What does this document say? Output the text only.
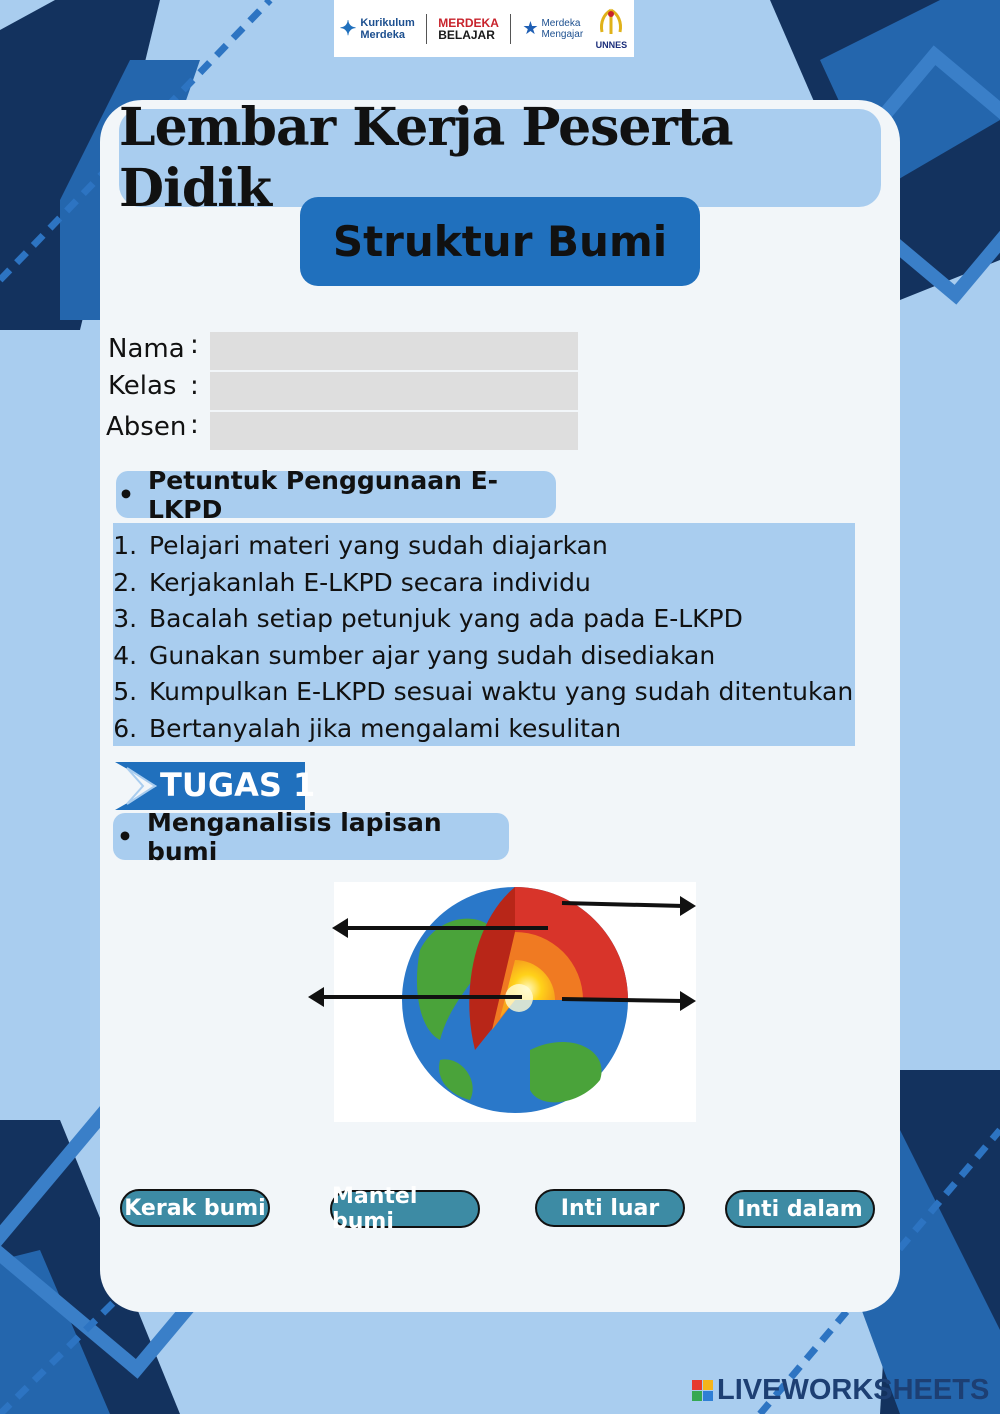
✦ Kurikulum
Merdeka
MERDEKA
BELAJAR ★ Merdeka
Mengajar

UNNES
Lembar Kerja Peserta Didik
Struktur Bumi
Nama :
Kelas :
Absen :
• Petuntuk Penggunaan E-LKPD
1. Pelajari materi yang sudah diajarkan
2. Kerjakanlah E-LKPD secara individu
3. Bacalah setiap petunjuk yang ada pada E-LKPD
4. Gunakan sumber ajar yang sudah disediakan
5. Kumpulkan E-LKPD sesuai waktu yang sudah ditentukan
6. Bertanyalah jika mengalami kesulitan
TUGAS 1
• Menganalisis lapisan bumi
Kerak bumi	Mantel bumi
Inti luar	Inti dalam
LIVEWORKSHEETS
